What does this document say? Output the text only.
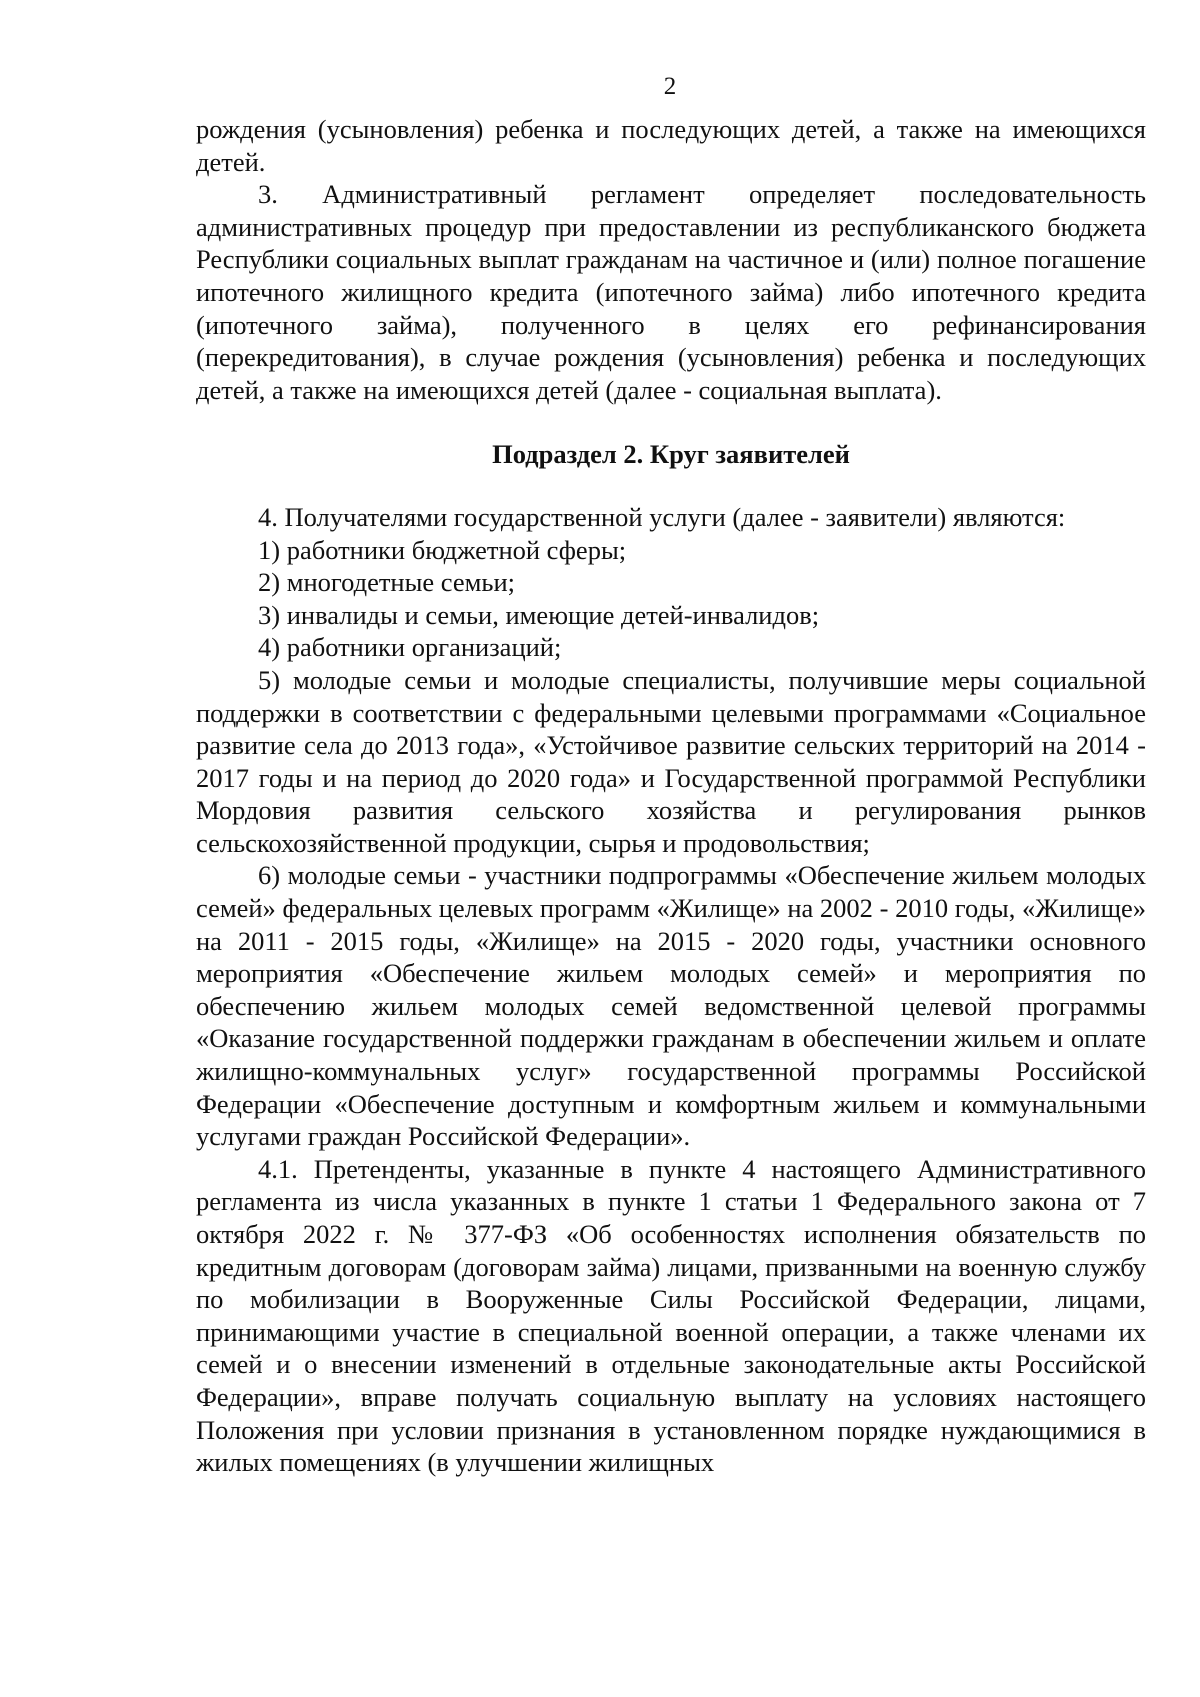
2

рождения (усыновления) ребенка и последующих детей, а также на имеющихся детей.

3. Административный регламент определяет последовательность административных процедур при предоставлении из республиканского бюджета Республики социальных выплат гражданам на частичное и (или) полное погашение ипотечного жилищного кредита (ипотечного займа) либо ипотечного кредита (ипотечного займа), полученного в целях его рефинансирования (перекредитования), в случае рождения (усыновления) ребенка и последующих детей, а также на имеющихся детей (далее - социальная выплата).

Подраздел 2. Круг заявителей

4. Получателями государственной услуги (далее - заявители) являются:

1) работники бюджетной сферы;

2) многодетные семьи;

3) инвалиды и семьи, имеющие детей-инвалидов;

4) работники организаций;

5) молодые семьи и молодые специалисты, получившие меры социальной поддержки в соответствии с федеральными целевыми программами «Социальное развитие села до 2013 года», «Устойчивое развитие сельских территорий на 2014 - 2017 годы и на период до 2020 года» и Государственной программой Республики Мордовия развития сельского хозяйства и регулирования рынков сельскохозяйственной продукции, сырья и продовольствия;

6) молодые семьи - участники подпрограммы «Обеспечение жильем молодых семей» федеральных целевых программ «Жилище» на 2002 - 2010 годы, «Жилище» на 2011 - 2015 годы, «Жилище» на 2015 - 2020 годы, участники основного мероприятия «Обеспечение жильем молодых семей» и мероприятия по обеспечению жильем молодых семей ведомственной целевой программы «Оказание государственной поддержки гражданам в обеспечении жильем и оплате жилищно-коммунальных услуг» государственной программы Российской Федерации «Обеспечение доступным и комфортным жильем и коммунальными услугами граждан Российской Федерации».

4.1. Претенденты, указанные в пункте 4 настоящего Административного регламента из числа указанных в пункте 1 статьи 1 Федерального закона от 7 октября 2022 г. № 377-ФЗ «Об особенностях исполнения обязательств по кредитным договорам (договорам займа) лицами, призванными на военную службу по мобилизации в Вооруженные Силы Российской Федерации, лицами, принимающими участие в специальной военной операции, а также членами их семей и о внесении изменений в отдельные законодательные акты Российской Федерации», вправе получать социальную выплату на условиях настоящего Положения при условии признания в установленном порядке нуждающимися в жилых помещениях (в улучшении жилищных
